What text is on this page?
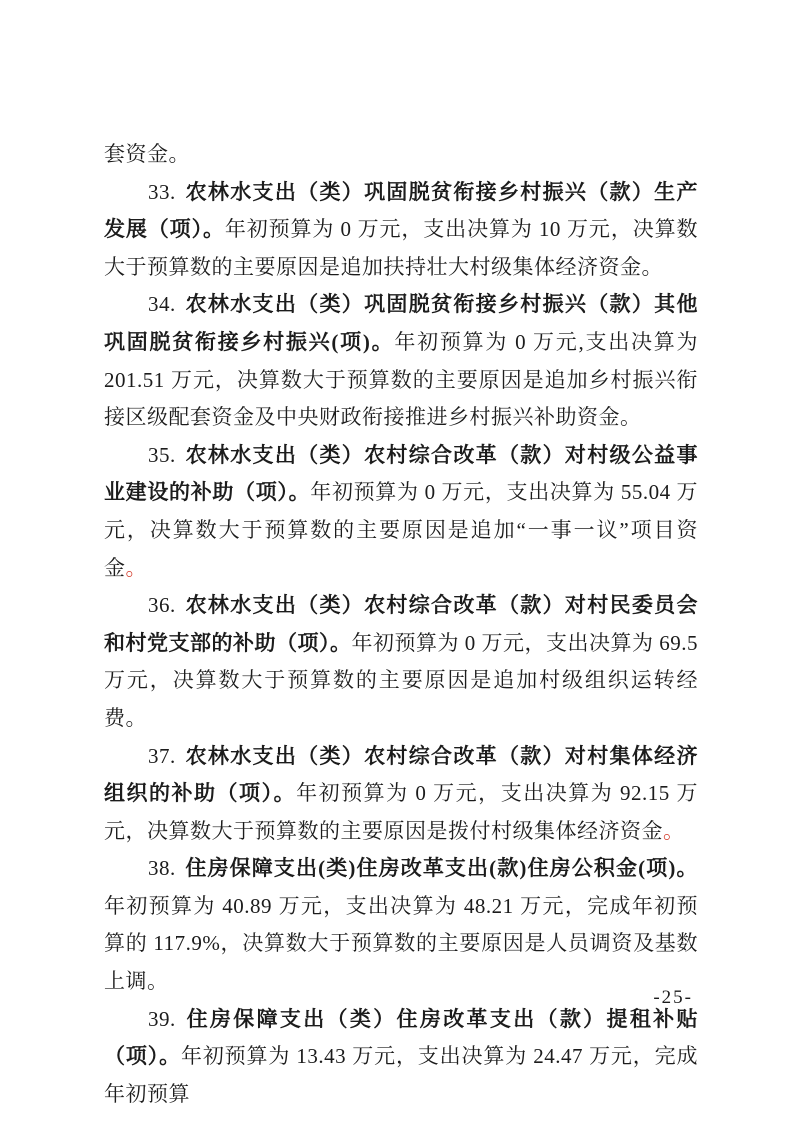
套资金。

33. 农林水支出（类）巩固脱贫衔接乡村振兴（款）生产发展（项）。年初预算为 0 万元，支出决算为 10 万元，决算数大于预算数的主要原因是追加扶持壮大村级集体经济资金。

34. 农林水支出（类）巩固脱贫衔接乡村振兴（款）其他巩固脱贫衔接乡村振兴(项)。年初预算为 0 万元,支出决算为 201.51 万元，决算数大于预算数的主要原因是追加乡村振兴衔接区级配套资金及中央财政衔接推进乡村振兴补助资金。

35. 农林水支出（类）农村综合改革（款）对村级公益事业建设的补助（项）。年初预算为 0 万元，支出决算为 55.04 万元，决算数大于预算数的主要原因是追加“一事一议”项目资金。

36. 农林水支出（类）农村综合改革（款）对村民委员会和村党支部的补助（项）。年初预算为 0 万元，支出决算为 69.5 万元，决算数大于预算数的主要原因是追加村级组织运转经费。

37. 农林水支出（类）农村综合改革（款）对村集体经济组织的补助（项）。年初预算为 0 万元，支出决算为 92.15 万元，决算数大于预算数的主要原因是拨付村级集体经济资金。

38. 住房保障支出(类)住房改革支出(款)住房公积金(项)。年初预算为 40.89 万元，支出决算为 48.21 万元，完成年初预算的 117.9%，决算数大于预算数的主要原因是人员调资及基数上调。

39. 住房保障支出（类）住房改革支出（款）提租补贴（项）。年初预算为 13.43 万元，支出决算为 24.47 万元，完成年初预算

-25-
